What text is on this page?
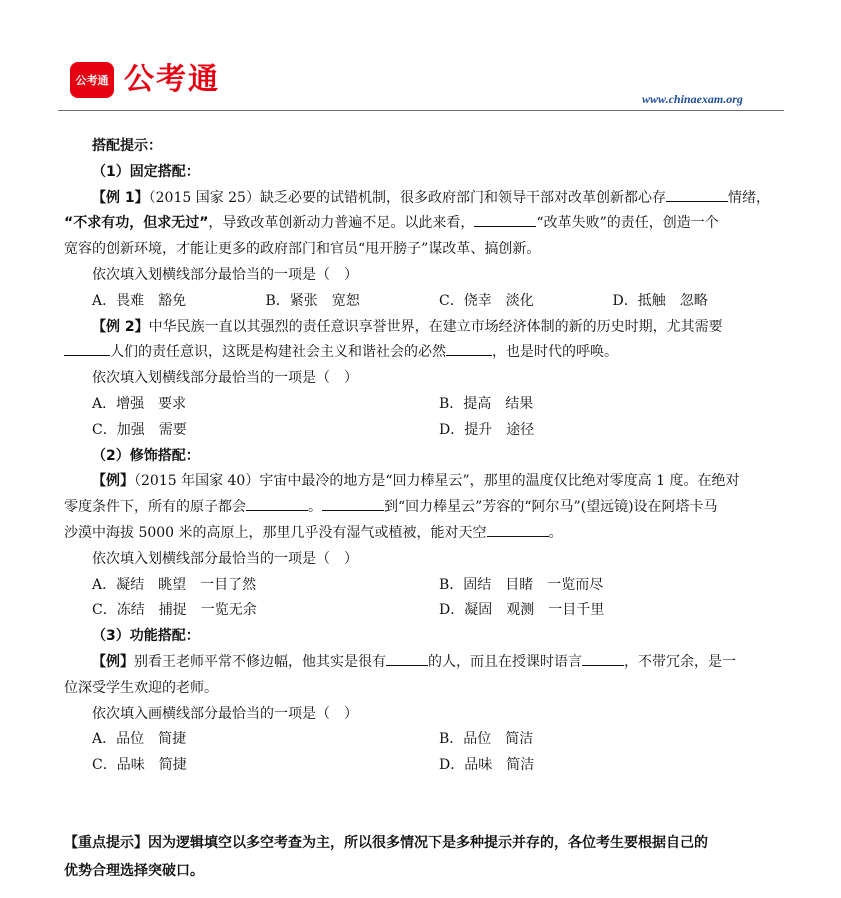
公考通 公考通
www.chinaexam.org

搭配提示：

（1）固定搭配：

【例 1】（2015 国家 25）缺乏必要的试错机制，很多政府部门和领导干部对改革创新都心存	情绪，

“不求有功，但求无过”，导致改革创新动力普遍不足。以此来看，	“改革失败”的责任，创造一个

宽容的创新环境，才能让更多的政府部门和官员“甩开膀子”谋改革、搞创新。

依次填入划横线部分最恰当的一项是（　）

A．畏难　豁免	B．紧张　宽恕	C．侥幸　淡化	D．抵触　忽略

【例 2】中华民族一直以其强烈的责任意识享誉世界，在建立市场经济体制的新的历史时期，尤其需要

人们的责任意识，这既是构建社会主义和谐社会的必然	，也是时代的呼唤。

依次填入划横线部分最恰当的一项是（　）

A．增强　要求	B．提高　结果
C．加强　需要	D．提升　途径

（2）修饰搭配：

【例】（2015 年国家 40）宇宙中最冷的地方是“回力棒星云”，那里的温度仅比绝对零度高 1 度。在绝对

零度条件下，所有的原子都会	。	到“回力棒星云”芳容的“阿尔马”(望远镜)设在阿塔卡马

沙漠中海拔 5000 米的高原上，那里几乎没有湿气或植被，能对天空	。

依次填入划横线部分最恰当的一项是（　）

A．凝结　眺望　一目了然	B．固结　目睹　一览而尽
C．冻结　捕捉　一览无余	D．凝固　观测　一目千里

（3）功能搭配：

【例】别看王老师平常不修边幅，他其实是很有	的人，而且在授课时语言	，不带冗余，是一

位深受学生欢迎的老师。

依次填入画横线部分最恰当的一项是（　）

A．品位　简捷	B．品位　简洁
C．品味　简捷	D．品味　简洁
【重点提示】因为逻辑填空以多空考查为主，所以很多情况下是多种提示并存的，各位考生要根据自己的
优势合理选择突破口。
